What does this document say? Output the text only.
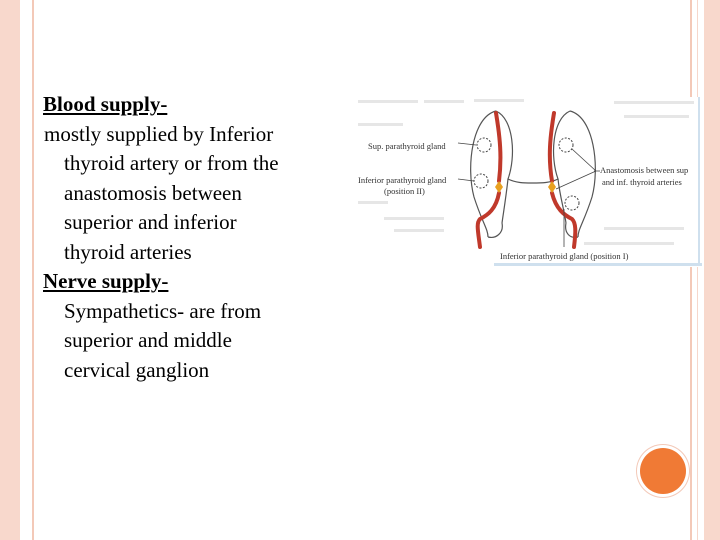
Blood supply-
mostly supplied by Inferior
thyroid artery or from the
anastomosis between
superior and inferior
thyroid arteries
Nerve supply-
Sympathetics- are from
superior and middle
cervical ganglion
Sup. parathyroid gland
Inferior parathyroid gland
(position II)
Anastomosis between sup
and inf. thyroid arteries
Inferior parathyroid gland (position I)
